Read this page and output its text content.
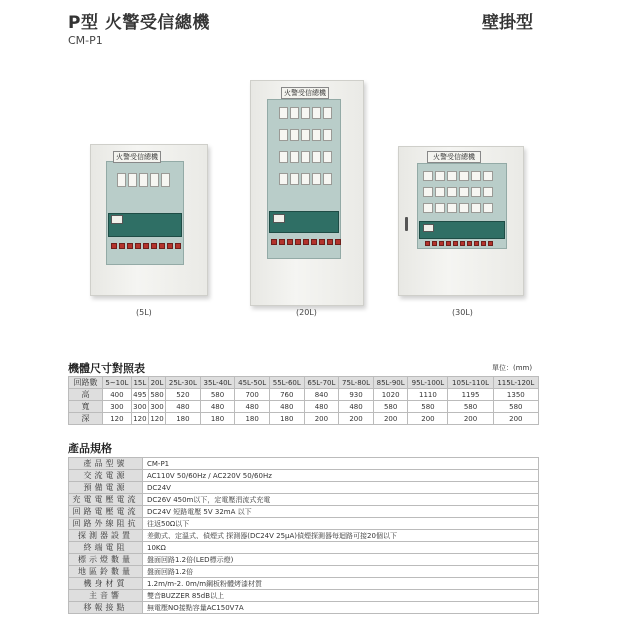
P型 火警受信總機
CM-P1
壁掛型
火警受信總機
火警受信總機
火警受信總機
(5L)	(20L)	(30L)
機體尺寸對照表	單位：(mm)
回路數	5~10L	15L	20L	25L-30L	35L-40L	45L-50L	55L-60L	65L-70L	75L-80L	85L-90L	95L-100L	105L-110L	115L-120L
高	400	495	580	520	580	700	760	840	930	1020	1110	1195	1350
寬	300	300	300	480	480	480	480	480	480	580	580	580	580
深	120	120	120	180	180	180	180	200	200	200	200	200	200
產品規格
產品型號	CM-P1
交流電源	AC110V 50/60Hz / AC220V 50/60Hz
預備電源	DC24V
充電電壓電流	DC26V 450m以下，定電壓涓流式充電
回路電壓電流	DC24V 短路電壓 5V 32mA 以下
回路外線阻抗	往返50Ω以下
探測器設置	差動式、定溫式、偵煙式 探測器(DC24V 25μA)偵煙探測器每迴路可接20個以下
終端電阻	10KΩ
標示燈數量	盤面回路1.2倍(LED標示燈)
地區鈴數量	盤面回路1.2倍
機身材質	1.2m/m-2. 0m/m鋼板粉體烤漆材質
主音響	雙音BUZZER 85dB以上
移報接點	無電壓NO接點容量AC150V7A
